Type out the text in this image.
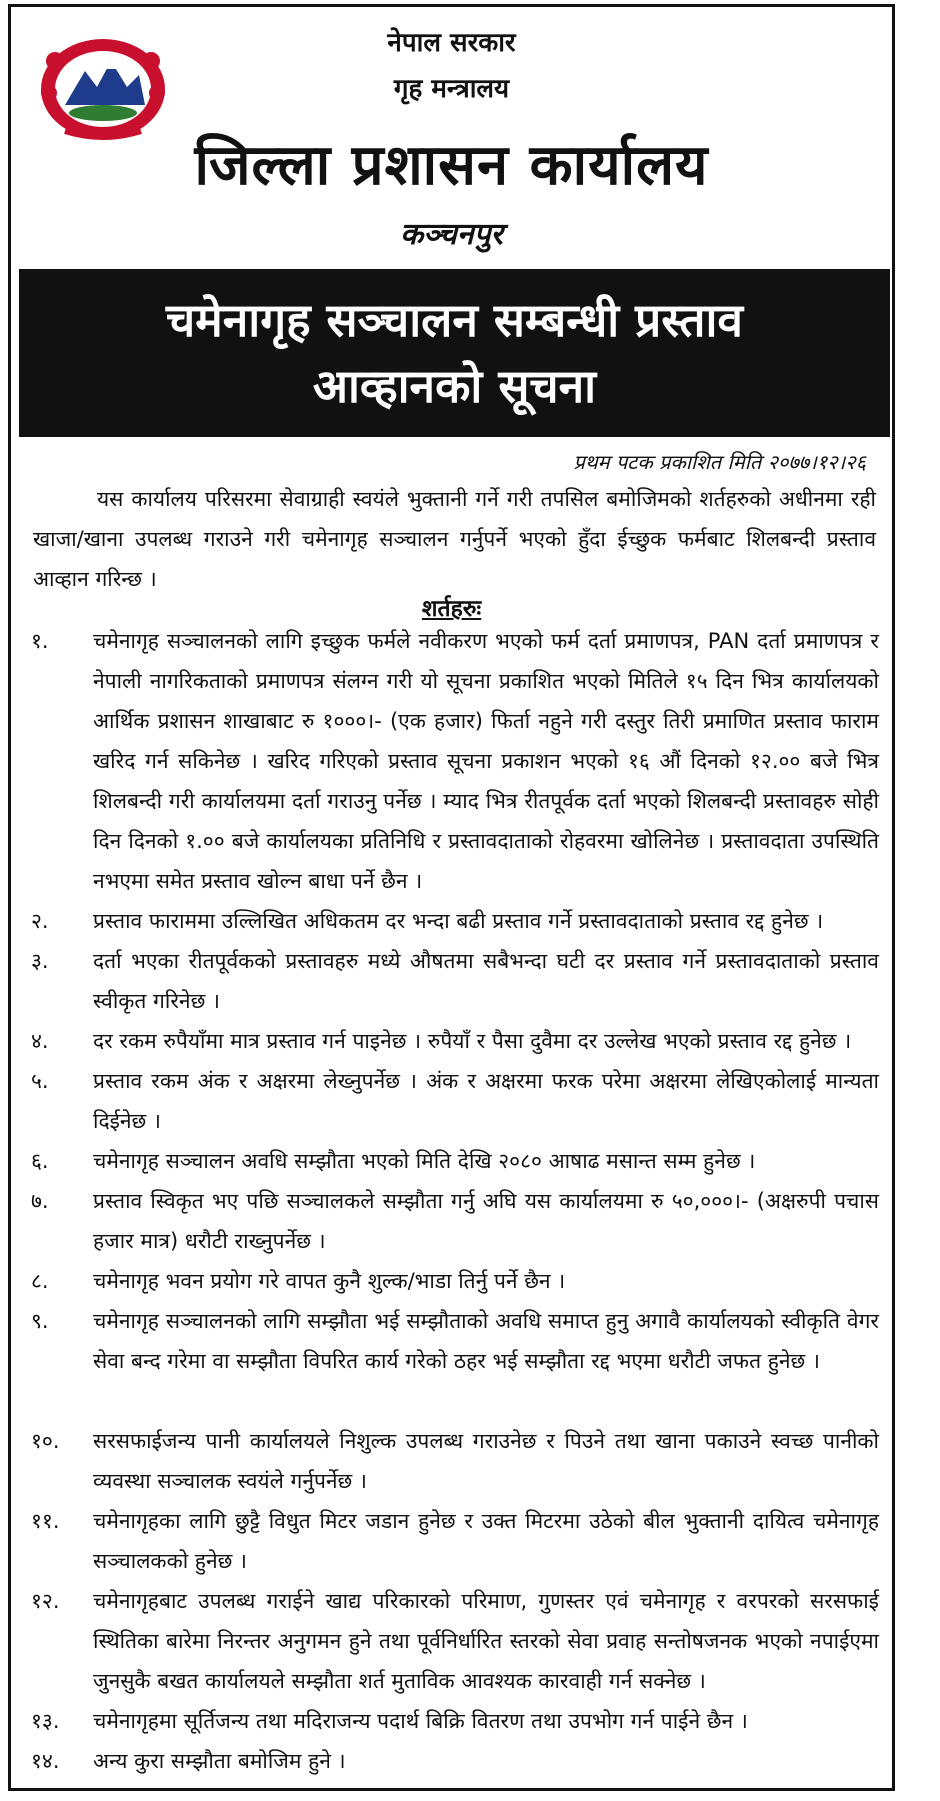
नेपाल सरकार
गृह मन्त्रालय
जिल्ला प्रशासन कार्यालय
कञ्चनपुर
चमेनागृह सञ्चालन सम्बन्धी प्रस्ताव
आव्हानको सूचना
प्रथम पटक प्रकाशित मिति २०७७।१२।२६

यस कार्यालय परिसरमा सेवाग्राही स्वयंले भुक्तानी गर्ने गरी तपसिल बमोजिमको शर्तहरुको अधीनमा रही खाजा/खाना उपलब्ध गराउने गरी चमेनागृह सञ्चालन गर्नुपर्ने भएको हुँदा ईच्छुक फर्मबाट शिलबन्दी प्रस्ताव आव्हान गरिन्छ ।

शर्तहरुः
१.	चमेनागृह सञ्चालनको लागि इच्छुक फर्मले नवीकरण भएको फर्म दर्ता प्रमाणपत्र, PAN दर्ता प्रमाणपत्र र नेपाली नागरिकताको प्रमाणपत्र संलग्न गरी यो सूचना प्रकाशित भएको मितिले १५ दिन भित्र कार्यालयको आर्थिक प्रशासन शाखाबाट रु १०००।- (एक हजार) फिर्ता नहुने गरी दस्तुर तिरी प्रमाणित प्रस्ताव फाराम खरिद गर्न सकिनेछ । खरिद गरिएको प्रस्ताव सूचना प्रकाशन भएको १६ औं दिनको १२.०० बजे भित्र शिलबन्दी गरी कार्यालयमा दर्ता गराउनु पर्नेछ । म्याद भित्र रीतपूर्वक दर्ता भएको शिलबन्दी प्रस्तावहरु सोही दिन दिनको १.०० बजे कार्यालयका प्रतिनिधि र प्रस्तावदाताको रोहवरमा खोलिनेछ । प्रस्तावदाता उपस्थिति नभएमा समेत प्रस्ताव खोल्न बाधा पर्ने छैन ।
२.	प्रस्ताव फाराममा उल्लिखित अधिकतम दर भन्दा बढी प्रस्ताव गर्ने प्रस्तावदाताको प्रस्ताव रद्द हुनेछ ।
३.	दर्ता भएका रीतपूर्वकको प्रस्तावहरु मध्ये औषतमा सबैभन्दा घटी दर प्रस्ताव गर्ने प्रस्तावदाताको प्रस्ताव स्वीकृत गरिनेछ ।
४.	दर रकम रुपैयाँमा मात्र प्रस्ताव गर्न पाइनेछ । रुपैयाँ र पैसा दुवैमा दर उल्लेख भएको प्रस्ताव रद्द हुनेछ ।
५.	प्रस्ताव रकम अंक र अक्षरमा लेख्नुपर्नेछ । अंक र अक्षरमा फरक परेमा अक्षरमा लेखिएकोलाई मान्यता दिईनेछ ।
६.	चमेनागृह सञ्चालन अवधि सम्झौता भएको मिति देखि २०८० आषाढ मसान्त सम्म हुनेछ ।
७.	प्रस्ताव स्विकृत भए पछि सञ्चालकले सम्झौता गर्नु अघि यस कार्यालयमा रु ५०,०००।- (अक्षरुपी पचास हजार मात्र) धरौटी राख्नुपर्नेछ ।
८.	चमेनागृह भवन प्रयोग गरे वापत कुनै शुल्क/भाडा तिर्नु पर्ने छैन ।
९.	चमेनागृह सञ्चालनको लागि सम्झौता भई सम्झौताको अवधि समाप्त हुनु अगावै कार्यालयको स्वीकृति वेगर सेवा बन्द गरेमा वा सम्झौता विपरित कार्य गरेको ठहर भई सम्झौता रद्द भएमा धरौटी जफत हुनेछ ।
१०.	सरसफाईजन्य पानी कार्यालयले निशुल्क उपलब्ध गराउनेछ र पिउने तथा खाना पकाउने स्वच्छ पानीको व्यवस्था सञ्चालक स्वयंले गर्नुपर्नेछ ।
११.	चमेनागृहका लागि छुट्टै विधुत मिटर जडान हुनेछ र उक्त मिटरमा उठेको बील भुक्तानी दायित्व चमेनागृह सञ्चालकको हुनेछ ।
१२.	चमेनागृहबाट उपलब्ध गराईने खाद्य परिकारको परिमाण, गुणस्तर एवं चमेनागृह र वरपरको सरसफाई स्थितिका बारेमा निरन्तर अनुगमन हुने तथा पूर्वनिर्धारित स्तरको सेवा प्रवाह सन्तोषजनक भएको नपाईएमा जुनसुकै बखत कार्यालयले सम्झौता शर्त मुताविक आवश्यक कारवाही गर्न सक्नेछ ।
१३.	चमेनागृहमा सूर्तिजन्य तथा मदिराजन्य पदार्थ बिक्रि वितरण तथा उपभोग गर्न पाईने छैन ।
१४.	अन्य कुरा सम्झौता बमोजिम हुने ।
